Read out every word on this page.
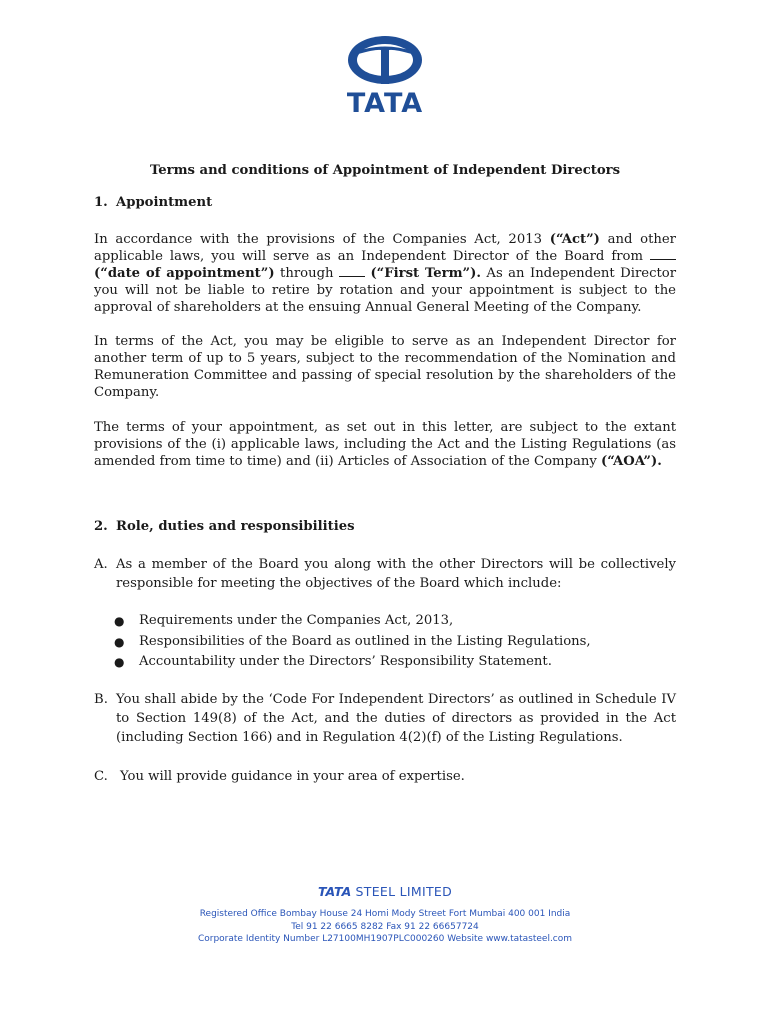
TATA
Terms and conditions of Appointment of Independent Directors
1. Appointment

In accordance with the provisions of the Companies Act, 2013 (“Act”) and other applicable laws, you will serve as an Independent Director of the Board from  (“date of appointment”) through  (“First Term”). As an Independent Director you will not be liable to retire by rotation and your appointment is subject to the approval of shareholders at the ensuing Annual General Meeting of the Company.

In terms of the Act, you may be eligible to serve as an Independent Director for another term of up to 5 years, subject to the recommendation of the Nomination and Remuneration Committee and passing of special resolution by the shareholders of the Company.

The terms of your appointment, as set out in this letter, are subject to the extant provisions of the (i) applicable laws, including the Act and the Listing Regulations (as amended from time to time) and (ii) Articles of Association of the Company (“AOA”).

2. Role, duties and responsibilities
A. As a member of the Board you along with the other Directors will be collectively responsible for meeting the objectives of the Board which include:
●	Requirements under the Companies Act, 2013,
●	Responsibilities of the Board as outlined in the Listing Regulations,
●	Accountability under the Directors’ Responsibility Statement.
B. You shall abide by the ‘Code For Independent Directors’ as outlined in Schedule IV to Section 149(8) of the Act, and the duties of directors as provided in the Act (including Section 166) and in Regulation 4(2)(f) of the Listing Regulations.
C. You will provide guidance in your area of expertise.
TATA STEEL LIMITED
Registered Office Bombay House 24 Homi Mody Street Fort Mumbai 400 001 India
Tel 91 22 6665 8282 Fax 91 22 66657724
Corporate Identity Number L27100MH1907PLC000260 Website www.tatasteel.com
